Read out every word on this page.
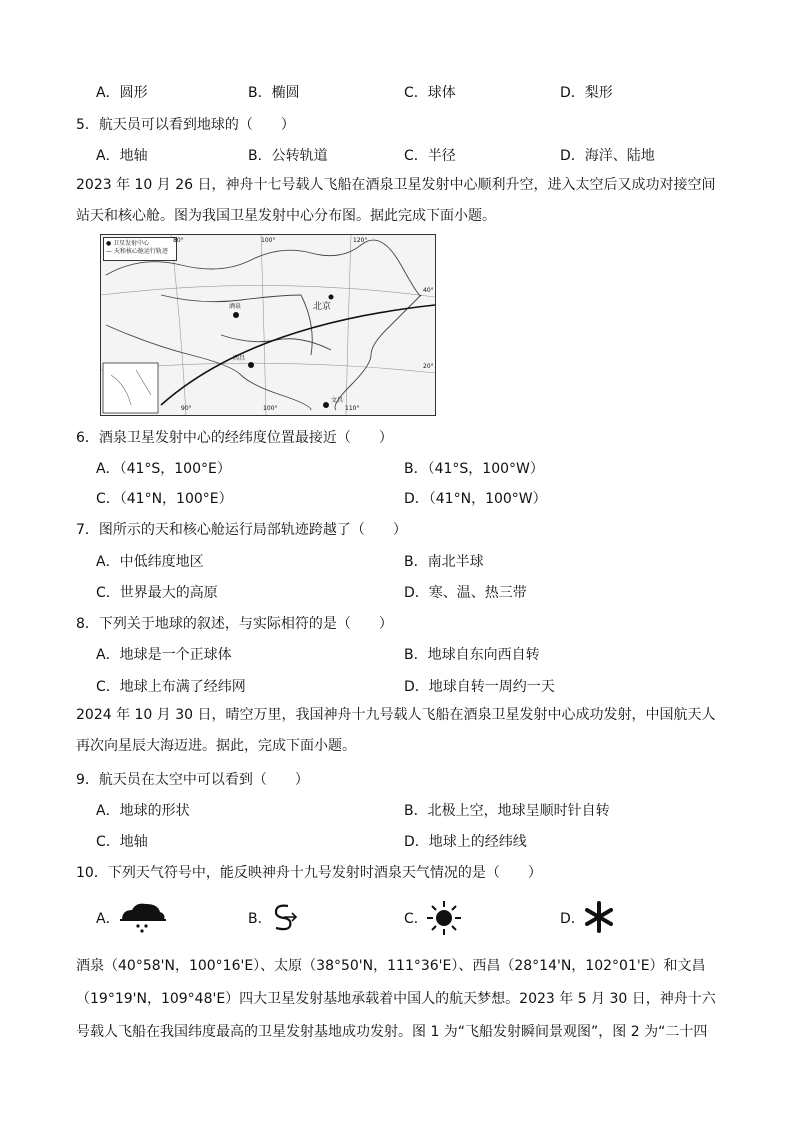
A．圆形	B．椭圆	C．球体	D．梨形
5．航天员可以看到地球的（　　）
A．地轴	B．公转轨道	C．半径	D．海洋、陆地
2023 年 10 月 26 日，神舟十七号载人飞船在酒泉卫星发射中心顺利升空，进入太空后又成功对接空间站天和核心舱。图为我国卫星发射中心分布图。据此完成下面小题。
● 卫星发射中心
— 天和核心舱运行轨迹
北京
酒泉
西昌
文昌
80°	100°	120°
40°
20°
90°	100°	110°
6．酒泉卫星发射中心的经纬度位置最接近（　　）
A．（41°S，100°E）	B．（41°S，100°W）
C．（41°N，100°E）	D．（41°N，100°W）
7．图所示的天和核心舱运行局部轨迹跨越了（　　）
A．中低纬度地区	B．南北半球
C．世界最大的高原	D．寒、温、热三带
8．下列关于地球的叙述，与实际相符的是（　　）
A．地球是一个正球体	B．地球自东向西自转
C．地球上布满了经纬网	D．地球自转一周约一天
2024 年 10 月 30 日，晴空万里，我国神舟十九号载人飞船在酒泉卫星发射中心成功发射，中国航天人再次向星辰大海迈进。据此，完成下面小题。
9．航天员在太空中可以看到（　　）
A．地球的形状	B．北极上空，地球呈顺时针自转
C．地轴	D．地球上的经纬线
10．下列天气符号中，能反映神舟十九号发射时酒泉天气情况的是（　　）
A．	B．	C．	D．
酒泉（40°58'N，100°16'E）、太原（38°50'N，111°36'E）、西昌（28°14'N，102°01'E）和文昌（19°19'N，109°48'E）四大卫星发射基地承载着中国人的航天梦想。2023 年 5 月 30 日，神舟十六号载人飞船在我国纬度最高的卫星发射基地成功发射。图 1 为“飞船发射瞬间景观图”，图 2 为“二十四
